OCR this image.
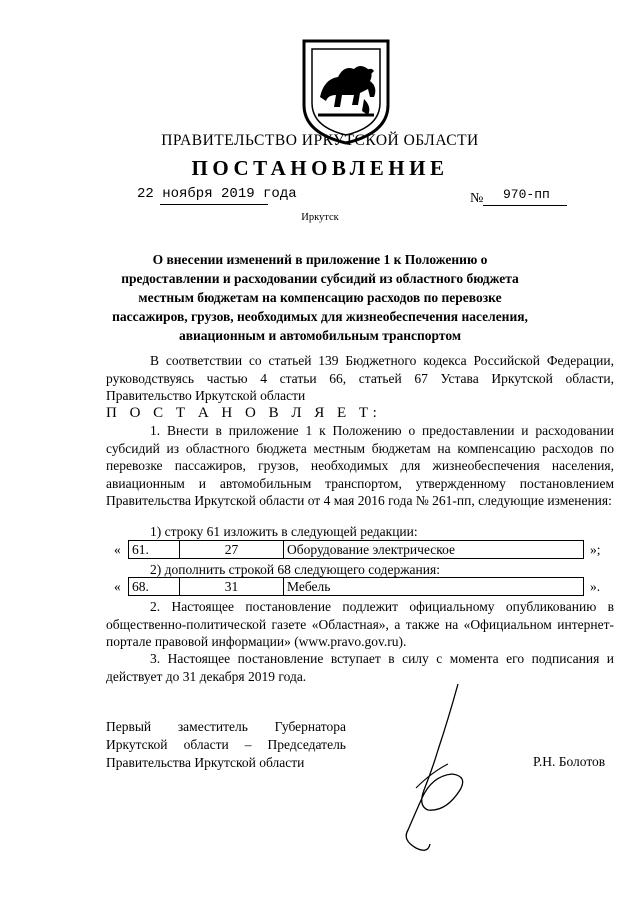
ПРАВИТЕЛЬСТВО ИРКУТСКОЙ ОБЛАСТИ
ПОСТАНОВЛЕНИЕ
22 ноября 2019 года	№ 970-пп
Иркутск
О внесении изменений в приложение 1 к Положению о предоставлении и расходовании субсидий из областного бюджета местным бюджетам на компенсацию расходов по перевозке пассажиров, грузов, необходимых для жизнеобеспечения населения, авиационным и автомобильным транспортом
В соответствии со статьей 139 Бюджетного кодекса Российской Федерации, руководствуясь частью 4 статьи 66, статьей 67 Устава Иркутской области, Правительство Иркутской области
П О С Т А Н О В Л Я Е Т:
1. Внести в приложение 1 к Положению о предоставлении и расходовании субсидий из областного бюджета местным бюджетам на компенсацию расходов по перевозке пассажиров, грузов, необходимых для жизнеобеспечения населения, авиационным и автомобильным транспортом, утвержденному постановлением Правительства Иркутской области от 4 мая 2016 года № 261-пп, следующие изменения:
1) строку 61 изложить в следующей редакции:
« 61.	27	Оборудование электрическое	»;
2) дополнить строкой 68 следующего содержания:
« 68.	31	Мебель	».
2. Настоящее постановление подлежит официальному опубликованию в общественно-политической газете «Областная», а также на «Официальном интернет-портале правовой информации» (www.pravo.gov.ru).
3. Настоящее постановление вступает в силу с момента его подписания и действует до 31 декабря 2019 года.
Первый заместитель Губернатора
Иркутской области – Председатель
Правительства Иркутской области	Р.Н. Болотов
